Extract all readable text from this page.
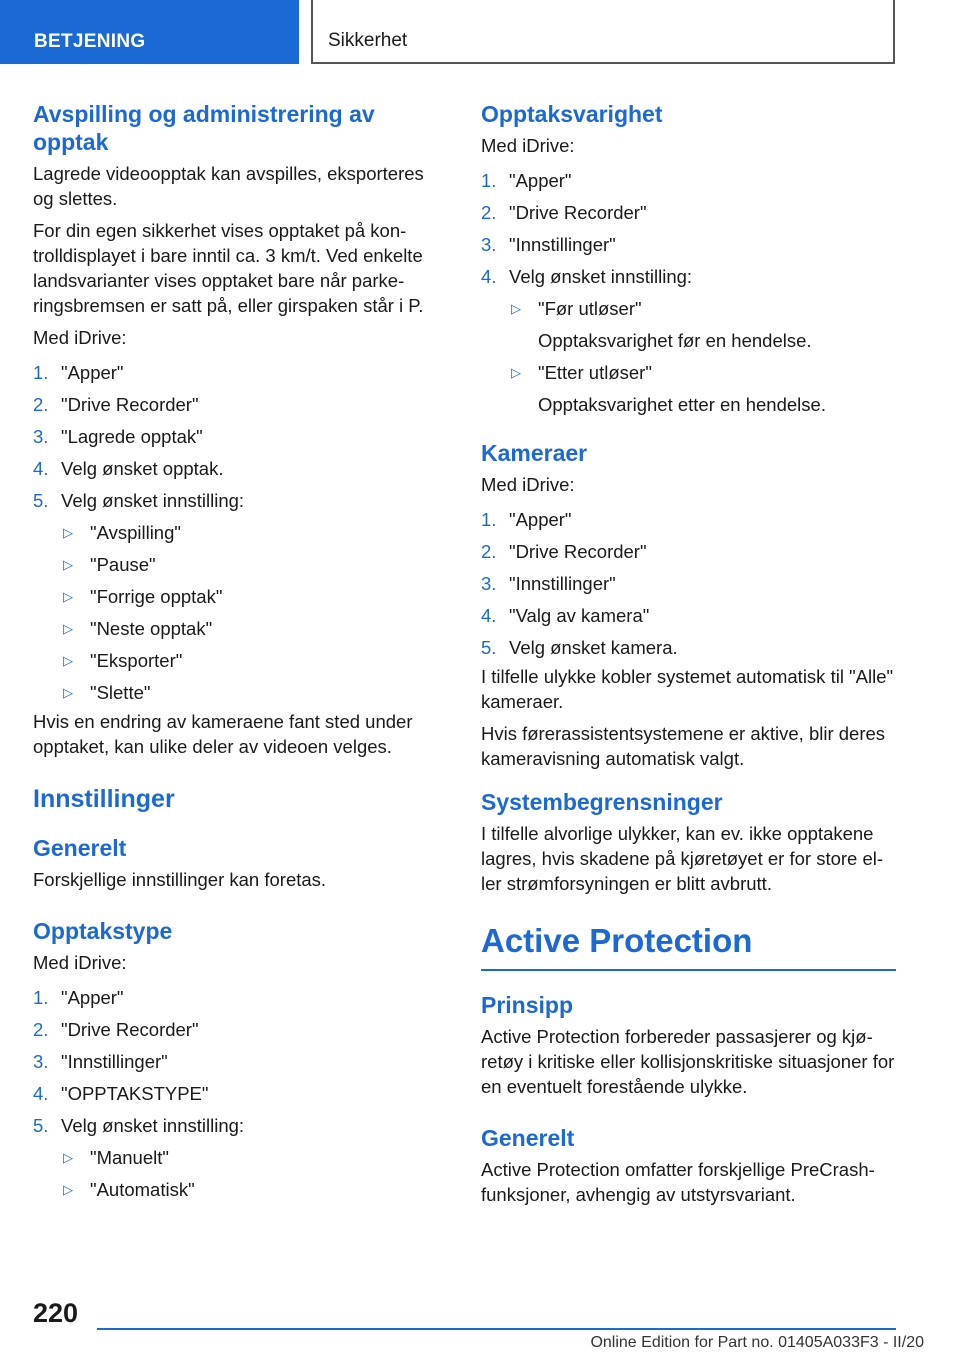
BETJENING	Sikkerhet
Avspilling og administrering av opptak

Lagrede videoopptak kan avspilles, eksporteres og slettes.

For din egen sikkerhet vises opptaket på kontrolldisplayet i bare inntil ca. 3 km/t. Ved enkelte landsvarianter vises opptaket bare når parkeringsbremsen er satt på, eller girspaken står i P.

Med iDrive:

1. "Apper"
2. "Drive Recorder"
3. "Lagrede opptak"
4. Velg ønsket opptak.
5. Velg ønsket innstilling:
▷ "Avspilling"
▷ "Pause"
▷ "Forrige opptak"
▷ "Neste opptak"
▷ "Eksporter"
▷ "Slette"

Hvis en endring av kameraene fant sted under opptaket, kan ulike deler av videoen velges.

Innstillinger
Generelt

Forskjellige innstillinger kan foretas.

Opptakstype

Med iDrive:

1. "Apper"
2. "Drive Recorder"
3. "Innstillinger"
4. "OPPTAKSTYPE"
5. Velg ønsket innstilling:
▷ "Manuelt"
▷ "Automatisk"
Opptaksvarighet

Med iDrive:

1. "Apper"
2. "Drive Recorder"
3. "Innstillinger"
4. Velg ønsket innstilling:
▷ "Før utløser"
Opptaksvarighet før en hendelse.
▷ "Etter utløser"
Opptaksvarighet etter en hendelse.
Kameraer

Med iDrive:

1. "Apper"
2. "Drive Recorder"
3. "Innstillinger"
4. "Valg av kamera"
5. Velg ønsket kamera.

I tilfelle ulykke kobler systemet automatisk til "Alle" kameraer.

Hvis førerassistentsystemene er aktive, blir deres kameravisning automatisk valgt.

Systembegrensninger

I tilfelle alvorlige ulykker, kan ev. ikke opptakene lagres, hvis skadene på kjøretøyet er for store eller strømforsyningen er blitt avbrutt.

Active Protection
Prinsipp

Active Protection forbereder passasjerer og kjøretøy i kritiske eller kollisjonskritiske situasjoner for en eventuelt forestående ulykke.

Generelt

Active Protection omfatter forskjellige PreCrash-funksjoner, avhengig av utstyrsvariant.

220
Online Edition for Part no. 01405A033F3 - II/20
